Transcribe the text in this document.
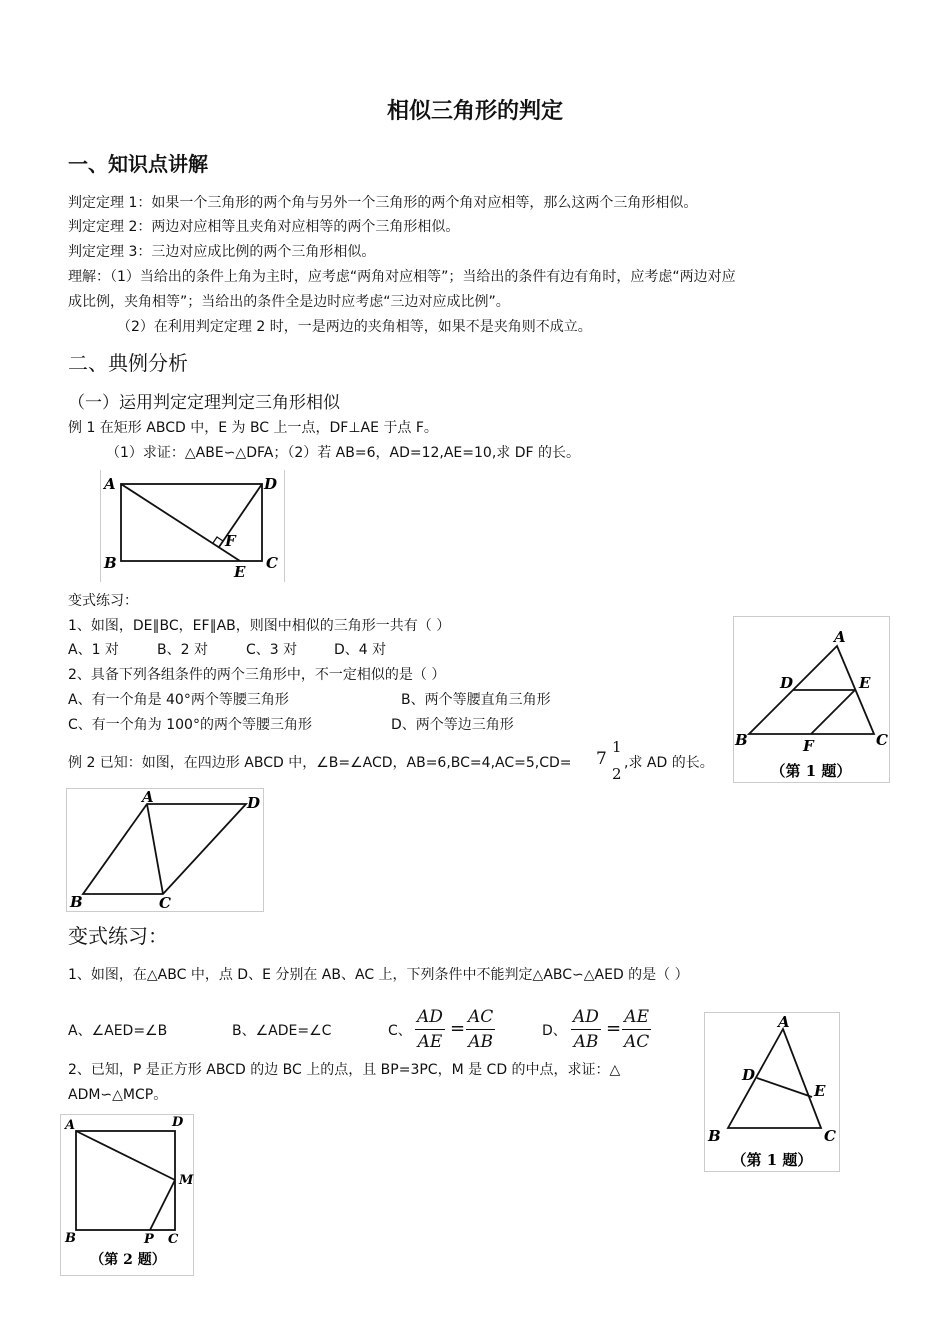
相似三角形的判定
一、知识点讲解
判定定理 1：如果一个三角形的两个角与另外一个三角形的两个角对应相等，那么这两个三角形相似。
判定定理 2：两边对应相等且夹角对应相等的两个三角形相似。
判定定理 3：三边对应成比例的两个三角形相似。
理解：（1）当给出的条件上角为主时，应考虑“两角对应相等”；当给出的条件有边有角时，应考虑“两边对应
成比例，夹角相等”；当给出的条件全是边时应考虑“三边对应成比例”。
（2）在利用判定定理 2 时，一是两边的夹角相等，如果不是夹角则不成立。
二、典例分析
（一）运用判定定理判定三角形相似
例 1 在矩形 ABCD 中，E 为 BC 上一点，DF⊥AE 于点 F。
（1）求证：△ABE∽△DFA；（2）若 AB=6，AD=12,AE=10,求 DF 的长。
A	D
B	C
E
F
变式练习：
1、如图，DE∥BC，EF∥AB，则图中相似的三角形一共有（ ）
A、1 对	B、2 对	C、3 对	D、4 对
2、具备下列各组条件的两个三角形中，不一定相似的是（ ）
A、有一个角是 40°两个等腰三角形	B、两个等腰直角三角形
C、有一个角为 100°的两个等腰三角形	D、两个等边三角形
A
D	E
B	F	C
（第 1 题）
例 2 已知：如图，在四边形 ABCD 中，∠B=∠ACD，AB=6,BC=4,AC=5,CD= 7
1
2
,求 AD 的长。
A	D
B	C
变式练习：
1、如图，在△ABC 中，点 D、E 分别在 AB、AC 上，下列条件中不能判定△ABC∽△AED 的是（ ）
A、∠AED=∠B	B、∠ADE=∠C	C、 $\frac{AD}{AE} = \frac{AC}{AB}$	D、 $\frac{AD}{AB} = \frac{AE}{AC}$	A
D
E
B	C
（第 1 题）
2、已知，P 是正方形 ABCD 的边 BC 上的点，且 BP=3PC，M 是 CD 的中点，求证：△
ADM∽△MCP。
A	D
M
B	P C
（第 2 题）
